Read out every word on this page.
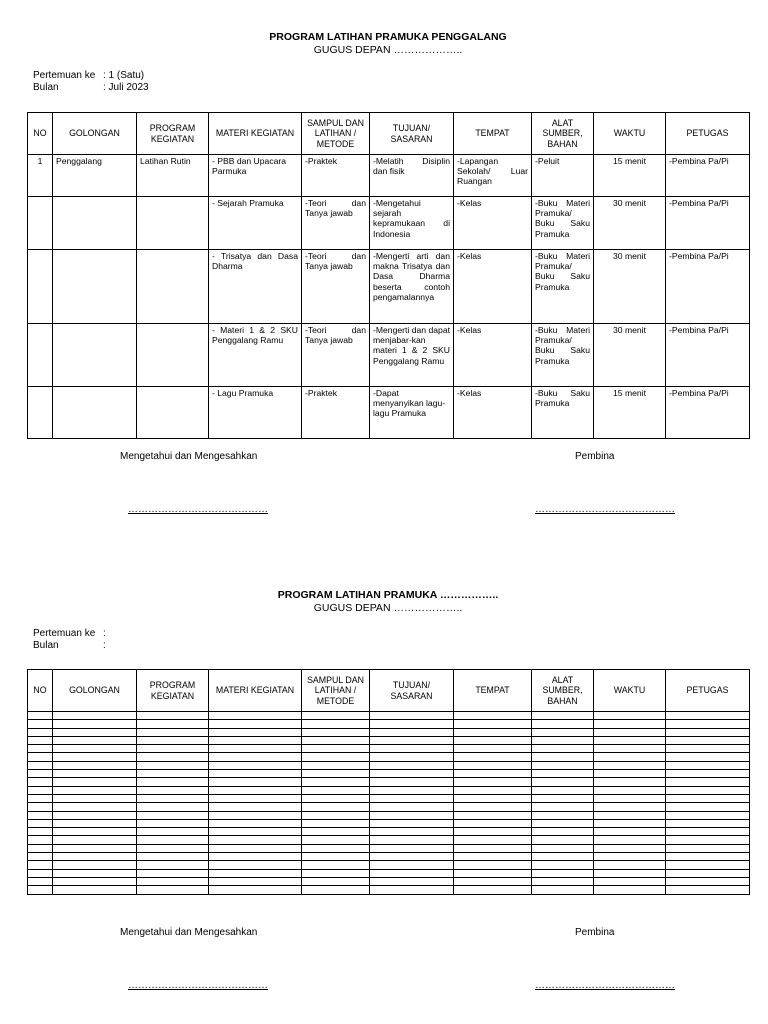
PROGRAM LATIHAN PRAMUKA PENGGALANG
GUGUS DEPAN ………………..
Pertemuan ke : 1 (Satu)
Bulan	: Juli 2023
NO	GOLONGAN	PROGRAM KEGIATAN	MATERI KEGIATAN	SAMPUL DAN LATIHAN / METODE	TUJUAN/ SASARAN	TEMPAT	ALAT SUMBER, BAHAN	WAKTU	PETUGAS
1	Penggalang	Latihan Rutin	- PBB dan Upacara Parmuka	-Praktek	-Melatih Disiplin dan fisik	-Lapangan Sekolah/ Luar Ruangan	-Peluit	15 menit	-Pembina Pa/Pi
			- Sejarah Pramuka	-Teori dan Tanya jawab	-Mengetahui sejarah kepramukaan di Indonesia	-Kelas	-Buku Materi Pramuka/ Buku Saku Pramuka	30 menit	-Pembina Pa/Pi
			- Trisatya dan Dasa Dharma	-Teori dan Tanya jawab	-Mengerti arti dan makna Trisatya dan Dasa Dharma beserta contoh pengamalannya	-Kelas	-Buku Materi Pramuka/ Buku Saku Pramuka	30 menit	-Pembina Pa/Pi
			- Materi 1 & 2 SKU Penggalang Ramu	-Teori dan Tanya jawab	-Mengerti dan dapat menjabar-kan materi 1 & 2 SKU Penggalang Ramu	-Kelas	-Buku Materi Pramuka/ Buku Saku Pramuka	30 menit	-Pembina Pa/Pi
			- Lagu Pramuka	-Praktek	-Dapat menyanyikan lagu-lagu Pramuka	-Kelas	-Buku Saku Pramuka	15 menit	-Pembina Pa/Pi
Mengetahui dan Mengesahkan	Pembina
……………………………………	……………………………………
PROGRAM LATIHAN PRAMUKA ……………..
GUGUS DEPAN ………………..
Pertemuan ke :
Bulan	:
NO	GOLONGAN	PROGRAM KEGIATAN	MATERI KEGIATAN	SAMPUL DAN LATIHAN / METODE	TUJUAN/ SASARAN	TEMPAT	ALAT SUMBER, BAHAN	WAKTU	PETUGAS

Mengetahui dan Mengesahkan	Pembina
……………………………………	……………………………………
